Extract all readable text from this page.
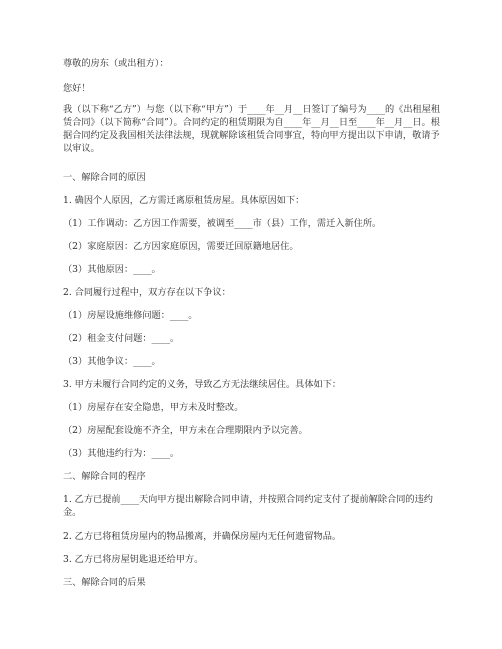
尊敬的房东（或出租方）：

您好！

我（以下称“乙方”）与您（以下称“甲方”）于____年__月__日签订了编号为____的《出租屋租赁合同》（以下简称“合同”）。合同约定的租赁期限为自____年__月__日至____年__月__日。根据合同约定及我国相关法律法规，现就解除该租赁合同事宜，特向甲方提出以下申请，敬请予以审议。

一、解除合同的原因

1. 确因个人原因，乙方需迁离原租赁房屋。具体原因如下：

（1）工作调动：乙方因工作需要，被调至____市（县）工作，需迁入新住所。

（2）家庭原因：乙方因家庭原因，需要迁回原籍地居住。

（3）其他原因：____。

2. 合同履行过程中，双方存在以下争议：

（1）房屋设施维修问题：____。

（2）租金支付问题：____。

（3）其他争议：____。

3. 甲方未履行合同约定的义务，导致乙方无法继续居住。具体如下：

（1）房屋存在安全隐患，甲方未及时整改。

（2）房屋配套设施不齐全，甲方未在合理期限内予以完善。

（3）其他违约行为：____。

二、解除合同的程序

1. 乙方已提前____天向甲方提出解除合同申请，并按照合同约定支付了提前解除合同的违约金。

2. 乙方已将租赁房屋内的物品搬离，并确保房屋内无任何遗留物品。

3. 乙方已将房屋钥匙退还给甲方。

三、解除合同的后果
